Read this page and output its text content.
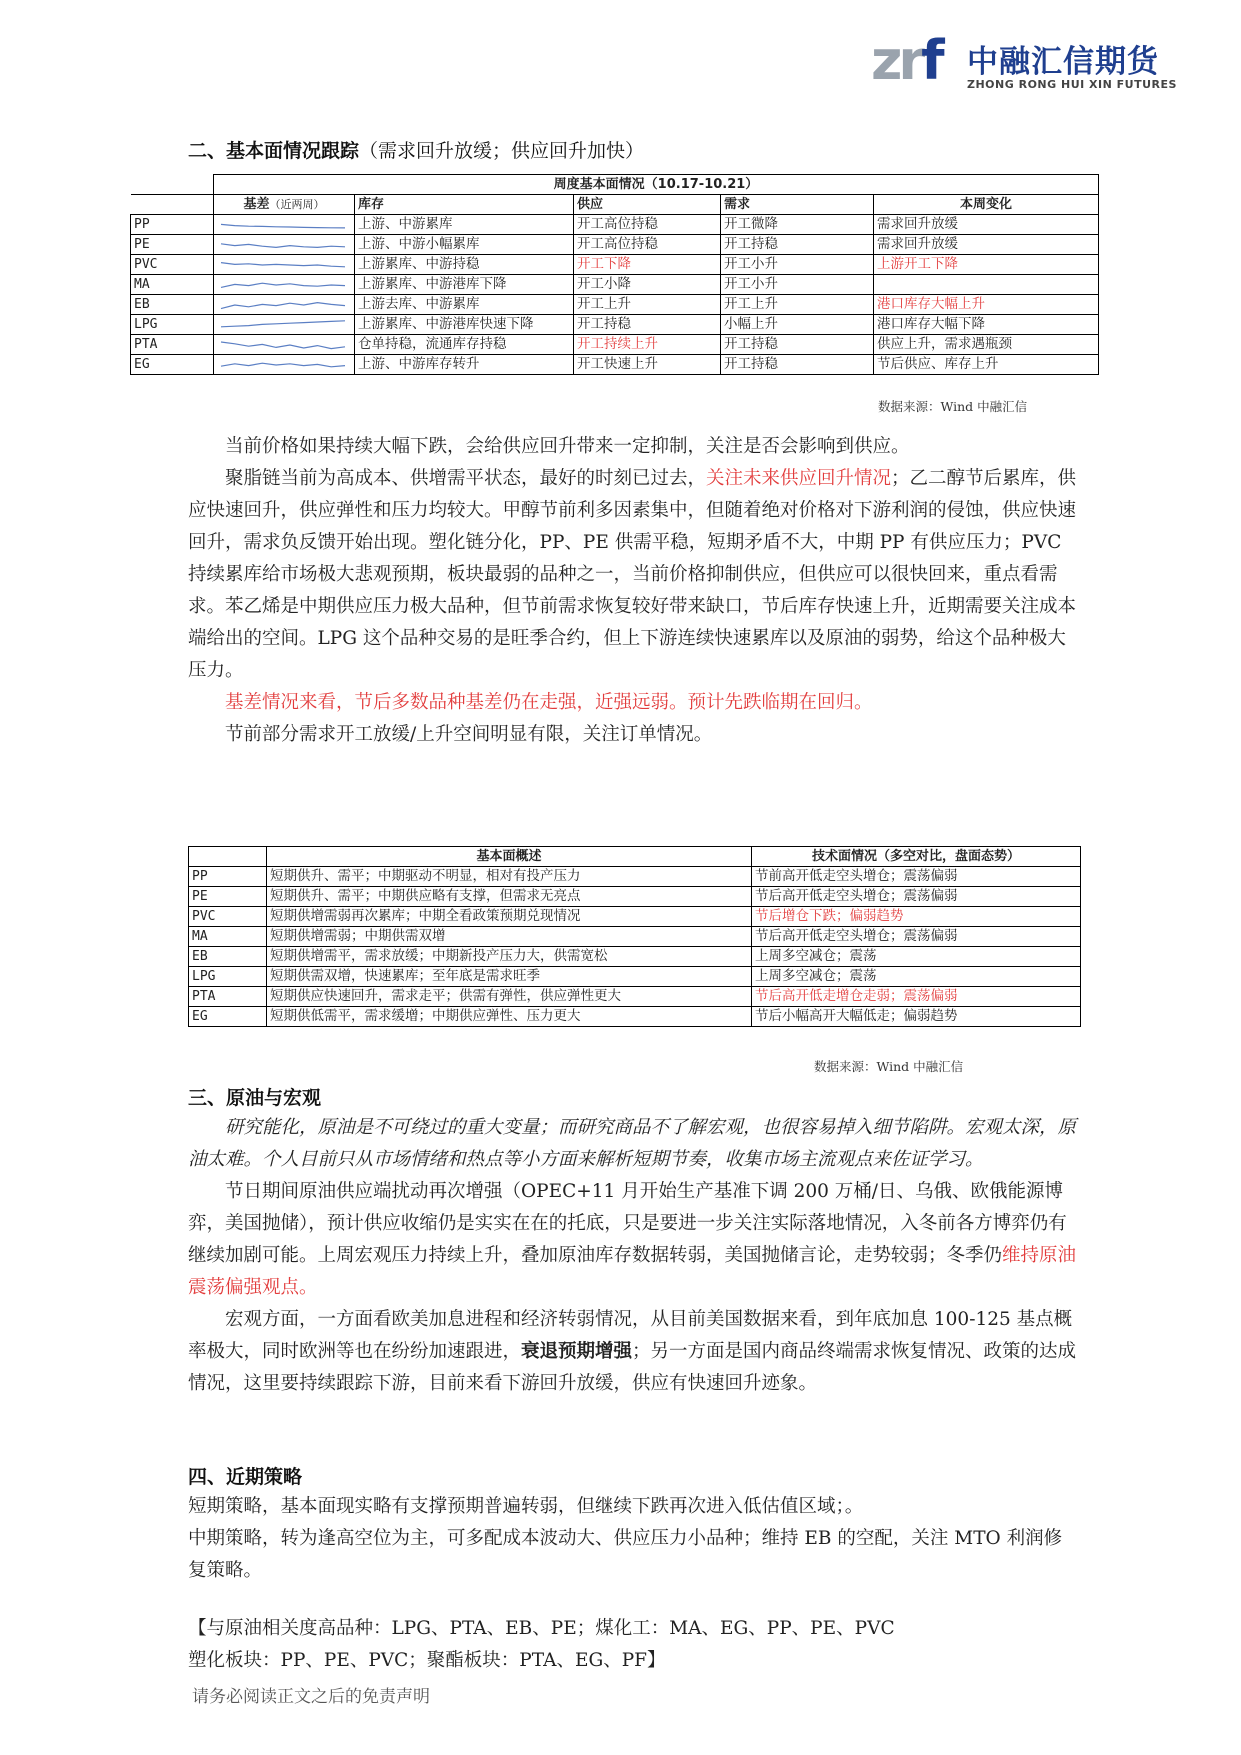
zrf 中融汇信期货
ZHONG RONG HUI XIN FUTURES
二、基本面情况跟踪（需求回升放缓；供应回升加快）
	周度基本面情况（10.17-10.21）				
	基差（近两周）	库存	供应	需求	本周变化
PP		上游、中游累库	开工高位持稳	开工微降	需求回升放缓
PE		上游、中游小幅累库	开工高位持稳	开工持稳	需求回升放缓
PVC		上游累库、中游持稳	开工下降	开工小升	上游开工下降
MA		上游累库、中游港库下降	开工小降	开工小升	
EB		上游去库、中游累库	开工上升	开工上升	港口库存大幅上升
LPG		上游累库、中游港库快速下降	开工持稳	小幅上升	港口库存大幅下降
PTA		仓单持稳，流通库存持稳	开工持续上升	开工持稳	供应上升，需求遇瓶颈
EG		上游、中游库存转升	开工快速上升	开工持稳	节后供应、库存上升
数据来源：Wind 中融汇信

当前价格如果持续大幅下跌，会给供应回升带来一定抑制，关注是否会影响到供应。

聚脂链当前为高成本、供增需平状态，最好的时刻已过去，关注未来供应回升情况；乙二醇节后累库，供应快速回升，供应弹性和压力均较大。甲醇节前利多因素集中，但随着绝对价格对下游利润的侵蚀，供应快速回升，需求负反馈开始出现。塑化链分化，PP、PE 供需平稳，短期矛盾不大，中期 PP 有供应压力；PVC 持续累库给市场极大悲观预期，板块最弱的品种之一，当前价格抑制供应，但供应可以很快回来，重点看需求。苯乙烯是中期供应压力极大品种，但节前需求恢复较好带来缺口，节后库存快速上升，近期需要关注成本端给出的空间。LPG 这个品种交易的是旺季合约，但上下游连续快速累库以及原油的弱势，给这个品种极大压力。

基差情况来看，节后多数品种基差仍在走强，近强远弱。预计先跌临期在回归。

节前部分需求开工放缓/上升空间明显有限，关注订单情况。

	基本面概述	技术面情况（多空对比，盘面态势）
PP	短期供升、需平；中期驱动不明显，相对有投产压力	节前高开低走空头增仓；震荡偏弱
PE	短期供升、需平；中期供应略有支撑，但需求无亮点	节后高开低走空头增仓；震荡偏弱
PVC	短期供增需弱再次累库；中期全看政策预期兑现情况	节后增仓下跌；偏弱趋势
MA	短期供增需弱；中期供需双增	节后高开低走空头增仓；震荡偏弱
EB	短期供增需平，需求放缓；中期新投产压力大，供需宽松	上周多空减仓；震荡
LPG	短期供需双增，快速累库；至年底是需求旺季	上周多空减仓；震荡
PTA	短期供应快速回升，需求走平；供需有弹性，供应弹性更大	节后高开低走增仓走弱；震荡偏弱
EG	短期供低需平，需求缓增；中期供应弹性、压力更大	节后小幅高开大幅低走；偏弱趋势
数据来源：Wind 中融汇信
三、原油与宏观

研究能化，原油是不可绕过的重大变量；而研究商品不了解宏观，也很容易掉入细节陷阱。宏观太深，原油太难。个人目前只从市场情绪和热点等小方面来解析短期节奏，收集市场主流观点来佐证学习。

节日期间原油供应端扰动再次增强（OPEC+11 月开始生产基准下调 200 万桶/日、乌俄、欧俄能源博弈，美国抛储），预计供应收缩仍是实实在在的托底，只是要进一步关注实际落地情况，入冬前各方博弈仍有继续加剧可能。上周宏观压力持续上升，叠加原油库存数据转弱，美国抛储言论，走势较弱；冬季仍维持原油震荡偏强观点。

宏观方面，一方面看欧美加息进程和经济转弱情况，从目前美国数据来看，到年底加息 100-125 基点概率极大，同时欧洲等也在纷纷加速跟进，衰退预期增强；另一方面是国内商品终端需求恢复情况、政策的达成情况，这里要持续跟踪下游，目前来看下游回升放缓，供应有快速回升迹象。

四、近期策略

短期策略，基本面现实略有支撑预期普遍转弱，但继续下跌再次进入低估值区域；。

中期策略，转为逢高空位为主，可多配成本波动大、供应压力小品种；维持 EB 的空配，关注 MTO 利润修复策略。

【与原油相关度高品种：LPG、PTA、EB、PE；煤化工：MA、EG、PP、PE、PVC

塑化板块：PP、PE、PVC；聚酯板块：PTA、EG、PF】

请务必阅读正文之后的免责声明
